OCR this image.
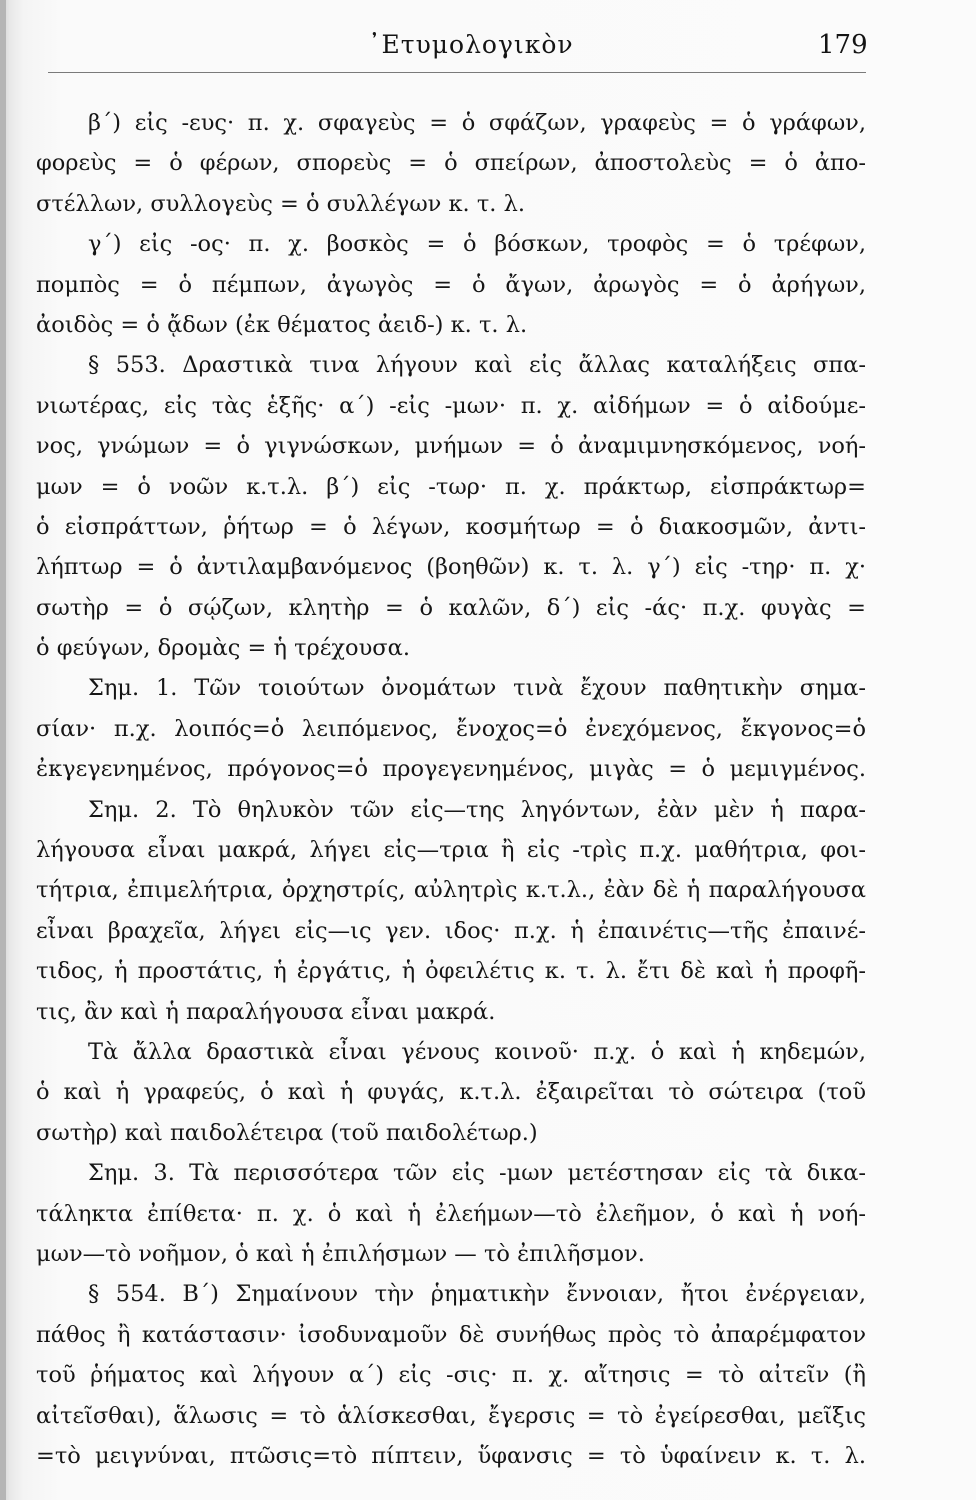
᾿Ετυμολογικὸν	179
β΄) εἰς -ευς· π. χ. σφαγεὺς = ὁ σφάζων, γραφεὺς = ὁ γράφων,
φορεὺς = ὁ φέρων, σπορεὺς = ὁ σπείρων, ἀποστολεὺς = ὁ ἀπο-
στέλλων, συλλογεὺς = ὁ συλλέγων κ. τ. λ.
γ΄) εἰς -ος· π. χ. βοσκὸς = ὁ βόσκων, τροφὸς = ὁ τρέφων,
πομπὸς = ὁ πέμπων, ἀγωγὸς = ὁ ἄγων, ἀρωγὸς = ὁ ἀρήγων,
ἀοιδὸς = ὁ ᾄδων (ἐκ θέματος ἀειδ-) κ. τ. λ.
§ 553. Δραστικὰ τινα λήγουν καὶ εἰς ἄλλας καταλήξεις σπα-
νιωτέρας, εἰς τὰς ἑξῆς· α΄) -εἰς -μων· π. χ. αἰδήμων = ὁ αἰδούμε-
νος, γνώμων = ὁ γιγνώσκων, μνήμων = ὁ ἀναμιμνησκόμενος, νοή-
μων = ὁ νοῶν κ.τ.λ. β΄) εἰς -τωρ· π. χ. πράκτωρ, εἰσπράκτωρ=
ὁ εἰσπράττων, ῥήτωρ = ὁ λέγων, κοσμήτωρ = ὁ διακοσμῶν, ἀντι-
λήπτωρ = ὁ ἀντιλαμβανόμενος (βοηθῶν) κ. τ. λ. γ΄) εἰς -τηρ· π. χ·
σωτὴρ = ὁ σῴζων, κλητὴρ = ὁ καλῶν, δ΄) εἰς -άς· π.χ. φυγὰς =
ὁ φεύγων, δρομὰς = ἡ τρέχουσα.
Σημ. 1. Τῶν τοιούτων ὀνομάτων τινὰ ἔχουν παθητικὴν σημα-
σίαν· π.χ. λοιπός=ὁ λειπόμενος, ἔνοχος=ὁ ἐνεχόμενος, ἔκγονος=ὁ
ἐκγεγενημένος, πρόγονος=ὁ προγεγενημένος, μιγὰς = ὁ μεμιγμένος.
Σημ. 2. Τὸ θηλυκὸν τῶν εἰς—της ληγόντων, ἐὰν μὲν ἡ παρα-
λήγουσα εἶναι μακρά, λήγει εἰς—τρια ἢ εἰς -τρὶς π.χ. μαθήτρια, φοι-
τήτρια, ἐπιμελήτρια, ὀρχηστρίς, αὐλητρὶς κ.τ.λ., ἐὰν δὲ ἡ παραλήγουσα
εἶναι βραχεῖα, λήγει εἰς—ις γεν. ιδος· π.χ. ἡ ἐπαινέτις—τῆς ἐπαινέ-
τιδος, ἡ προστάτις, ἡ ἐργάτις, ἡ ὀφειλέτις κ. τ. λ. ἔτι δὲ καὶ ἡ προφῆ-
τις, ἂν καὶ ἡ παραλήγουσα εἶναι μακρά.
Τὰ ἄλλα δραστικὰ εἶναι γένους κοινοῦ· π.χ. ὁ καὶ ἡ κηδεμών,
ὁ καὶ ἡ γραφεύς, ὁ καὶ ἡ φυγάς, κ.τ.λ. ἐξαιρεῖται τὸ σώτειρα (τοῦ
σωτὴρ) καὶ παιδολέτειρα (τοῦ παιδολέτωρ.)
Σημ. 3. Τὰ περισσότερα τῶν εἰς -μων μετέστησαν εἰς τὰ δικα-
τάληκτα ἐπίθετα· π. χ. ὁ καὶ ἡ ἐλεήμων—τὸ ἐλεῆμον, ὁ καὶ ἡ νοή-
μων—τὸ νοῆμον, ὁ καὶ ἡ ἐπιλήσμων — τὸ ἐπιλῆσμον.
§ 554. Β΄) Σημαίνουν τὴν ῥηματικὴν ἔννοιαν, ἤτοι ἐνέργειαν,
πάθος ἢ κατάστασιν· ἰσοδυναμοῦν δὲ συνήθως πρὸς τὸ ἀπαρέμφατον
τοῦ ῥήματος καὶ λήγουν α΄) εἰς -σις· π. χ. αἴτησις = τὸ αἰτεῖν (ἢ
αἰτεῖσθαι), ἅλωσις = τὸ ἁλίσκεσθαι, ἔγερσις = τὸ ἐγείρεσθαι, μεῖξις
=τὸ μειγνύναι, πτῶσις=τὸ πίπτειν, ὕφανσις = τὸ ὑφαίνειν κ. τ. λ.
